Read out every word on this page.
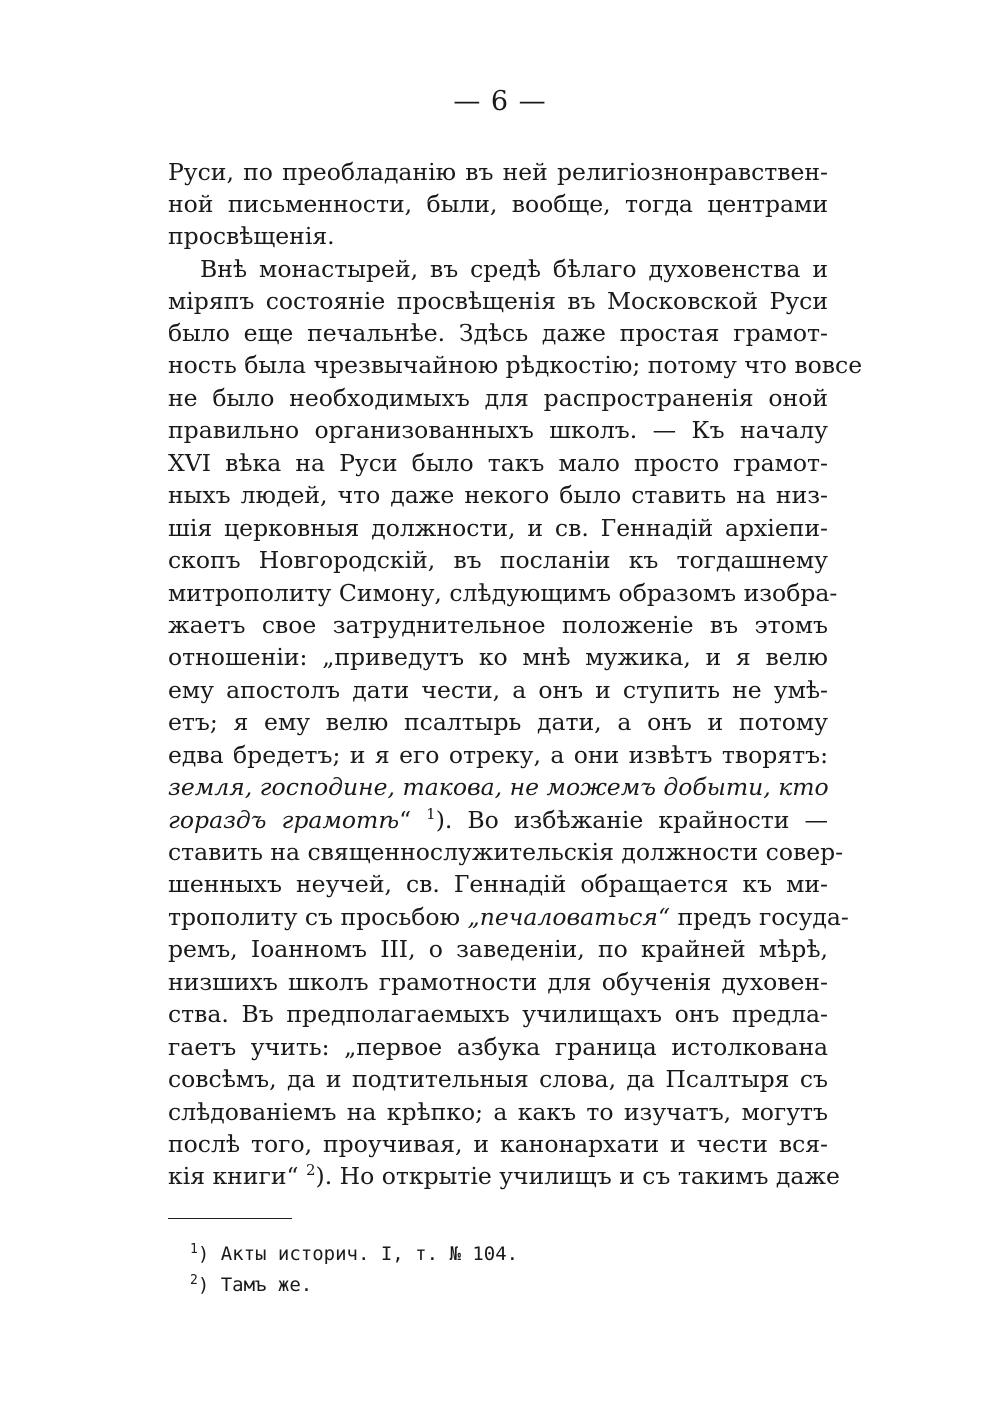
— 6 —
Руси, по преобладанію въ ней религіознонравствен-
ной письменности, были, вообще, тогда центрами
просвѣщенія.
Внѣ монастырей, въ средѣ бѣлаго духовенства и
міряпъ состояніе просвѣщенія въ Московской Руси
было еще печальнѣе. Здѣсь даже простая грамот-
ность была чрезвычайною рѣдкостію; потому что вовсе
не было необходимыхъ для распространенія оной
правильно организованныхъ школъ. — Къ началу
XVI вѣка на Руси было такъ мало просто грамот-
ныхъ людей, что даже некого было ставить на низ-
шія церковныя должности, и св. Геннадій архіепи-
скопъ Новгородскій, въ посланіи къ тогдашнему
митрополиту Симону, слѣдующимъ образомъ изобра-
жаетъ свое затруднительное положеніе въ этомъ
отношеніи: „приведутъ ко мнѣ мужика, и я велю
ему апостолъ дати чести, а онъ и ступить не умѣ-
етъ; я ему велю псалтырь дати, а онъ и потому
едва бредетъ; и я его отреку, а они извѣтъ творятъ:
земля, господине, такова, не можемъ добыти, кто
гораздъ грамотѣ“ $^1$). Во избѣжаніе крайности —
ставить на священнослужительскія должности совер-
шенныхъ неучей, св. Геннадій обращается къ ми-
трополиту съ просьбою „печаловаться“ предъ госуда-
ремъ, Іоанномъ III, о заведеніи, по крайней мѣрѣ,
низшихъ школъ грамотности для обученія духовен-
ства. Въ предполагаемыхъ училищахъ онъ предла-
гаетъ учить: „первое азбука граница истолкована
совсѣмъ, да и подтительныя слова, да Псалтыря съ
слѣдованіемъ на крѣпко; а какъ то изучатъ, могутъ
послѣ того, проучивая, и канонархати и чести вся-
кія книги“ $^2$). Но открытіе училищъ и съ такимъ даже
$^1$) Акты историч. I, т. № 104.
$^2$) Тамъ же.
